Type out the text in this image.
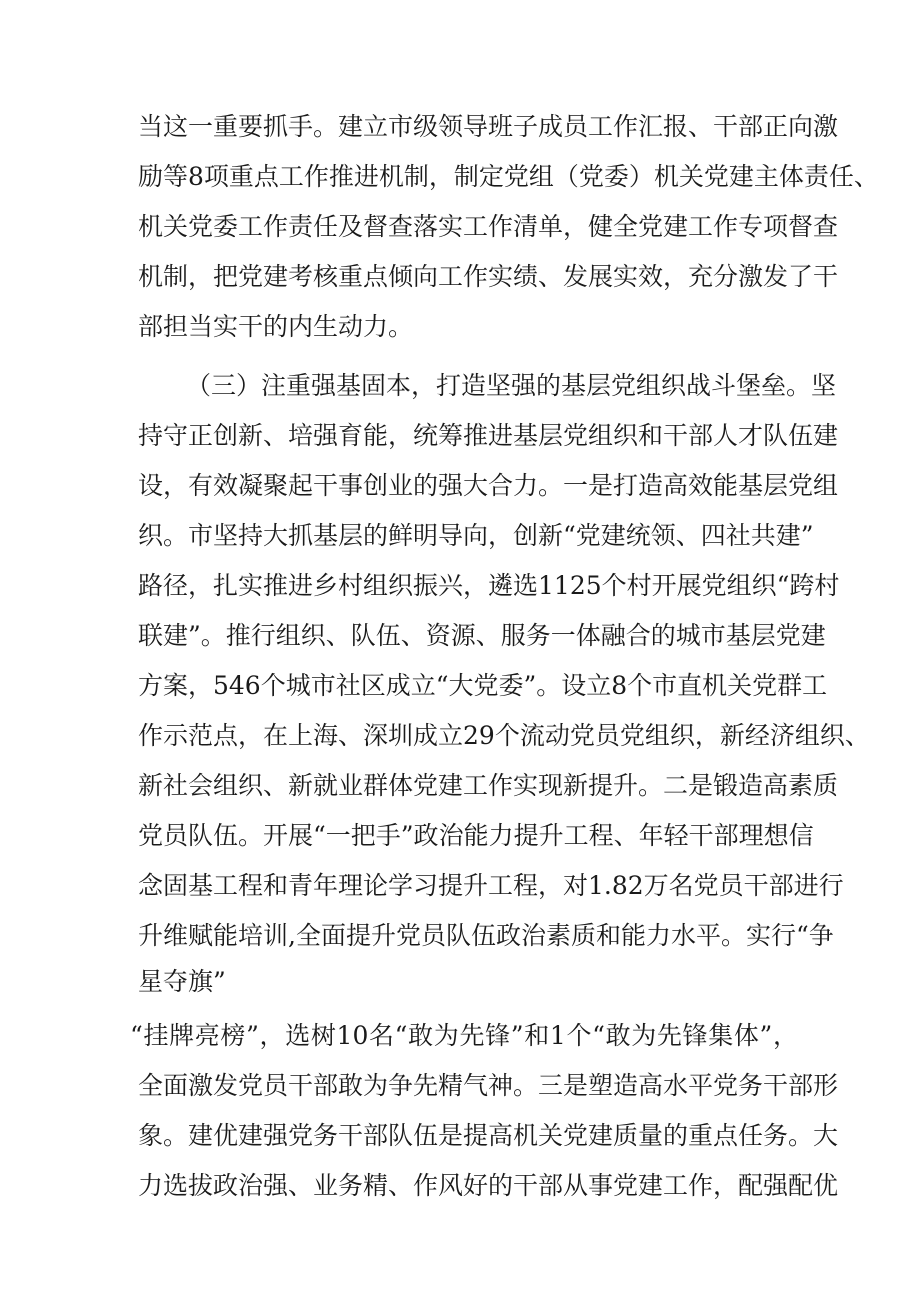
当这一重要抓手。建立市级领导班子成员工作汇报、干部正向激
励等8项重点工作推进机制，制定党组（党委）机关党建主体责任、
机关党委工作责任及督查落实工作清单，健全党建工作专项督查
机制，把党建考核重点倾向工作实绩、发展实效，充分激发了干
部担当实干的内生动力。
（三）注重强基固本，打造坚强的基层党组织战斗堡垒。坚
持守正创新、培强育能，统筹推进基层党组织和干部人才队伍建
设，有效凝聚起干事创业的强大合力。一是打造高效能基层党组
织。市坚持大抓基层的鲜明导向，创新“党建统领、四社共建”
路径，扎实推进乡村组织振兴，遴选1125个村开展党组织“跨村
联建”。推行组织、队伍、资源、服务一体融合的城市基层党建
方案，546个城市社区成立“大党委”。设立8个市直机关党群工
作示范点，在上海、深圳成立29个流动党员党组织，新经济组织、
新社会组织、新就业群体党建工作实现新提升。二是锻造高素质
党员队伍。开展“一把手”政治能力提升工程、年轻干部理想信
念固基工程和青年理论学习提升工程，对1.82万名党员干部进行
升维赋能培训,全面提升党员队伍政治素质和能力水平。实行“争
星夺旗”
“挂牌亮榜”，选树10名“敢为先锋”和1个“敢为先锋集体”，
全面激发党员干部敢为争先精气神。三是塑造高水平党务干部形
象。建优建强党务干部队伍是提高机关党建质量的重点任务。大
力选拔政治强、业务精、作风好的干部从事党建工作，配强配优
